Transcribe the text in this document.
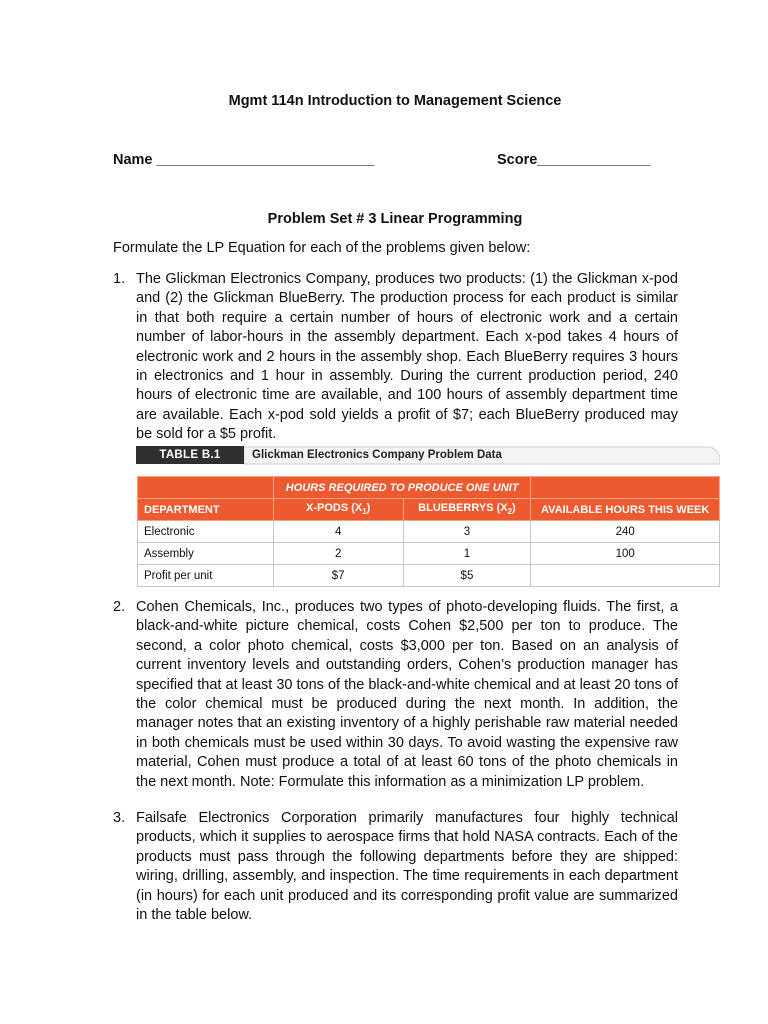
Mgmt 114n Introduction to Management Science
Name ___________________________	Score______________
Problem Set # 3 Linear Programming
Formulate the LP Equation for each of the problems given below:
1. The Glickman Electronics Company, produces two products: (1) the Glickman x-pod and (2) the Glickman BlueBerry. The production process for each product is similar in that both require a certain number of hours of electronic work and a certain number of labor-hours in the assembly department. Each x-pod takes 4 hours of electronic work and 2 hours in the assembly shop. Each BlueBerry requires 3 hours in electronics and 1 hour in assembly. During the current production period, 240 hours of electronic time are available, and 100 hours of assembly department time are available. Each x-pod sold yields a profit of $7; each BlueBerry produced may be sold for a $5 profit.
TABLE B.1	Glickman Electronics Company Problem Data
	HOURS REQUIRED TO PRODUCE ONE UNIT		
DEPARTMENT	X-PODS $(X_1)$	BLUEBERRYS $(X_2)$	AVAILABLE HOURS THIS WEEK
Electronic	4	3	240
Assembly	2	1	100
Profit per unit	$7	$5	
2. Cohen Chemicals, Inc., produces two types of photo-developing fluids. The first, a black-and-white picture chemical, costs Cohen $2,500 per ton to produce. The second, a color photo chemical, costs $3,000 per ton. Based on an analysis of current inventory levels and outstanding orders, Cohen’s production manager has specified that at least 30 tons of the black-and-white chemical and at least 20 tons of the color chemical must be produced during the next month. In addition, the manager notes that an existing inventory of a highly perishable raw material needed in both chemicals must be used within 30 days. To avoid wasting the expensive raw material, Cohen must produce a total of at least 60 tons of the photo chemicals in the next month. Note: Formulate this information as a minimization LP problem.
3. Failsafe Electronics Corporation primarily manufactures four highly technical products, which it supplies to aerospace firms that hold NASA contracts. Each of the products must pass through the following departments before they are shipped: wiring, drilling, assembly, and inspection. The time requirements in each department (in hours) for each unit produced and its corresponding profit value are summarized in the table below.
